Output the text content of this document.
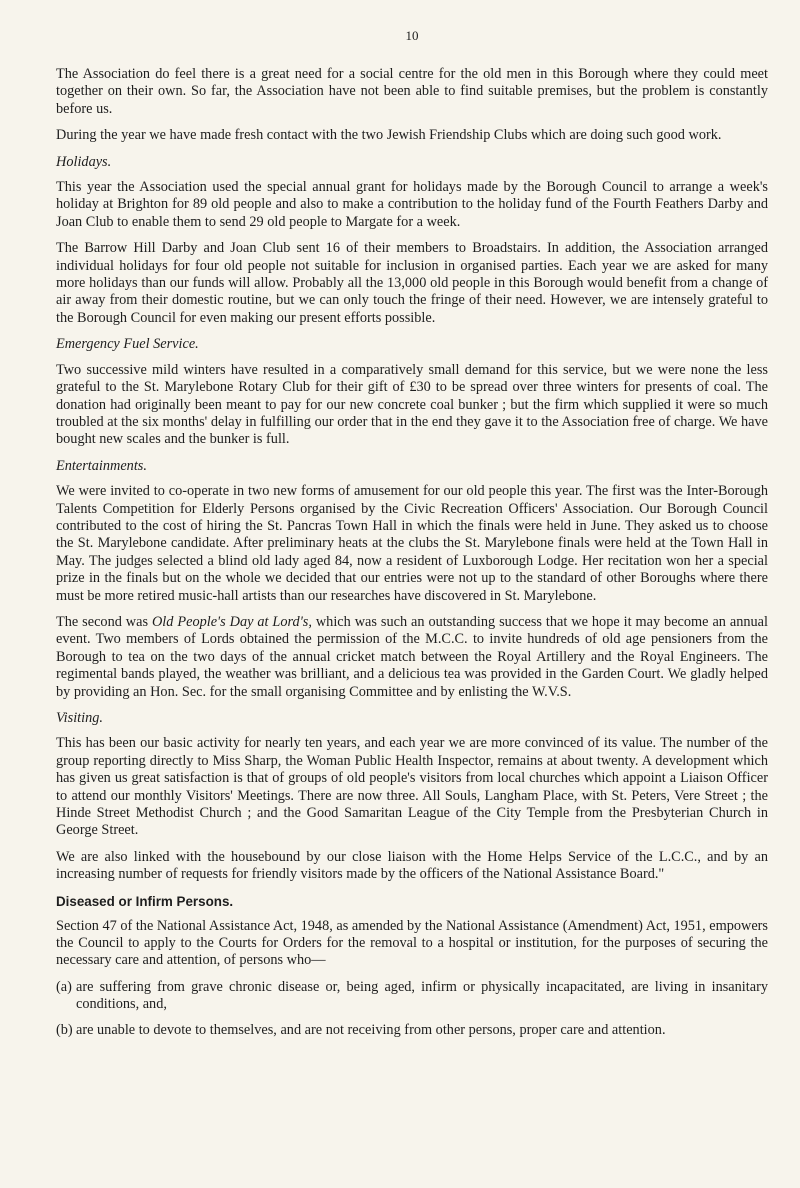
10

The Association do feel there is a great need for a social centre for the old men in this Borough where they could meet together on their own. So far, the Association have not been able to find suitable premises, but the problem is constantly before us.

During the year we have made fresh contact with the two Jewish Friendship Clubs which are doing such good work.

Holidays.

This year the Association used the special annual grant for holidays made by the Borough Council to arrange a week's holiday at Brighton for 89 old people and also to make a contribution to the holiday fund of the Fourth Feathers Darby and Joan Club to enable them to send 29 old people to Margate for a week.

The Barrow Hill Darby and Joan Club sent 16 of their members to Broadstairs. In addition, the Association arranged individual holidays for four old people not suitable for inclusion in organised parties. Each year we are asked for many more holidays than our funds will allow. Probably all the 13,000 old people in this Borough would benefit from a change of air away from their domestic routine, but we can only touch the fringe of their need. However, we are intensely grateful to the Borough Council for even making our present efforts possible.

Emergency Fuel Service.

Two successive mild winters have resulted in a comparatively small demand for this service, but we were none the less grateful to the St. Marylebone Rotary Club for their gift of £30 to be spread over three winters for presents of coal. The donation had originally been meant to pay for our new concrete coal bunker ; but the firm which supplied it were so much troubled at the six months' delay in fulfilling our order that in the end they gave it to the Association free of charge. We have bought new scales and the bunker is full.

Entertainments.

We were invited to co-operate in two new forms of amusement for our old people this year. The first was the Inter-Borough Talents Competition for Elderly Persons organised by the Civic Recreation Officers' Association. Our Borough Council contributed to the cost of hiring the St. Pancras Town Hall in which the finals were held in June. They asked us to choose the St. Marylebone candidate. After preliminary heats at the clubs the St. Marylebone finals were held at the Town Hall in May. The judges selected a blind old lady aged 84, now a resident of Luxborough Lodge. Her recitation won her a special prize in the finals but on the whole we decided that our entries were not up to the standard of other Boroughs where there must be more retired music-hall artists than our researches have discovered in St. Marylebone.

The second was Old People's Day at Lord's, which was such an outstanding success that we hope it may become an annual event. Two members of Lords obtained the permission of the M.C.C. to invite hundreds of old age pensioners from the Borough to tea on the two days of the annual cricket match between the Royal Artillery and the Royal Engineers. The regimental bands played, the weather was brilliant, and a delicious tea was provided in the Garden Court. We gladly helped by providing an Hon. Sec. for the small organising Committee and by enlisting the W.V.S.

Visiting.

This has been our basic activity for nearly ten years, and each year we are more convinced of its value. The number of the group reporting directly to Miss Sharp, the Woman Public Health Inspector, remains at about twenty. A development which has given us great satisfaction is that of groups of old people's visitors from local churches which appoint a Liaison Officer to attend our monthly Visitors' Meetings. There are now three. All Souls, Langham Place, with St. Peters, Vere Street ; the Hinde Street Methodist Church ; and the Good Samaritan League of the City Temple from the Presbyterian Church in George Street.

We are also linked with the housebound by our close liaison with the Home Helps Service of the L.C.C., and by an increasing number of requests for friendly visitors made by the officers of the National Assistance Board."

Diseased or Infirm Persons.

Section 47 of the National Assistance Act, 1948, as amended by the National Assistance (Amendment) Act, 1951, empowers the Council to apply to the Courts for Orders for the removal to a hospital or institution, for the purposes of securing the necessary care and attention, of persons who—

(a) are suffering from grave chronic disease or, being aged, infirm or physically incapacitated, are living in insanitary conditions, and,
(b) are unable to devote to themselves, and are not receiving from other persons, proper care and attention.
